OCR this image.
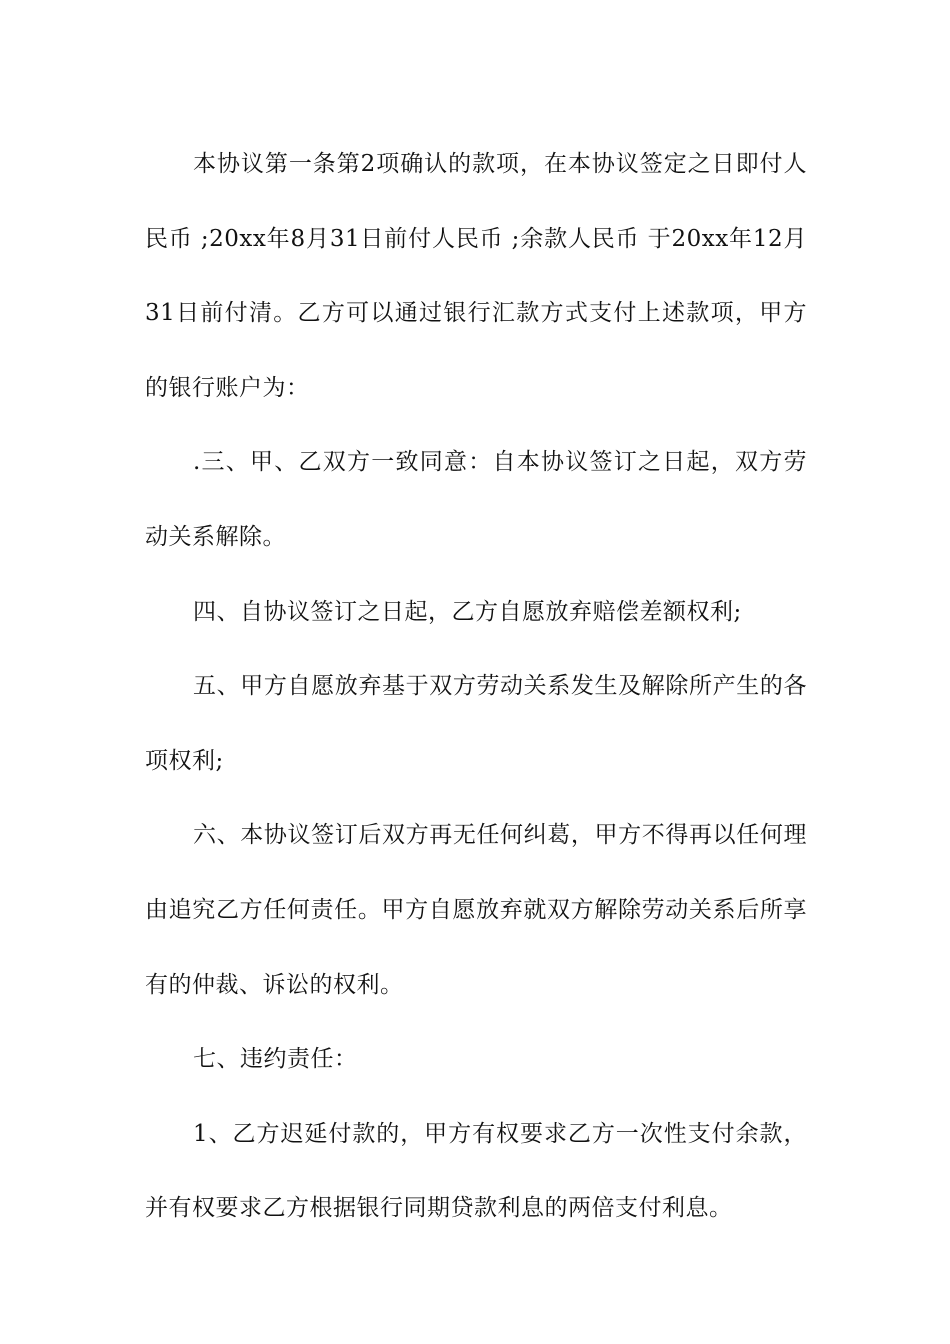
本协议第一条第2项确认的款项，在本协议签定之日即付人民币 ;20xx年8月31日前付人民币 ;余款人民币 于20xx年12月31日前付清。乙方可以通过银行汇款方式支付上述款项，甲方的银行账户为：

.三、甲、乙双方一致同意：自本协议签订之日起，双方劳动关系解除。

四、自协议签订之日起，乙方自愿放弃赔偿差额权利;

五、甲方自愿放弃基于双方劳动关系发生及解除所产生的各项权利;

六、本协议签订后双方再无任何纠葛，甲方不得再以任何理由追究乙方任何责任。甲方自愿放弃就双方解除劳动关系后所享有的仲裁、诉讼的权利。

七、违约责任：

1、乙方迟延付款的，甲方有权要求乙方一次性支付余款，并有权要求乙方根据银行同期贷款利息的两倍支付利息。
